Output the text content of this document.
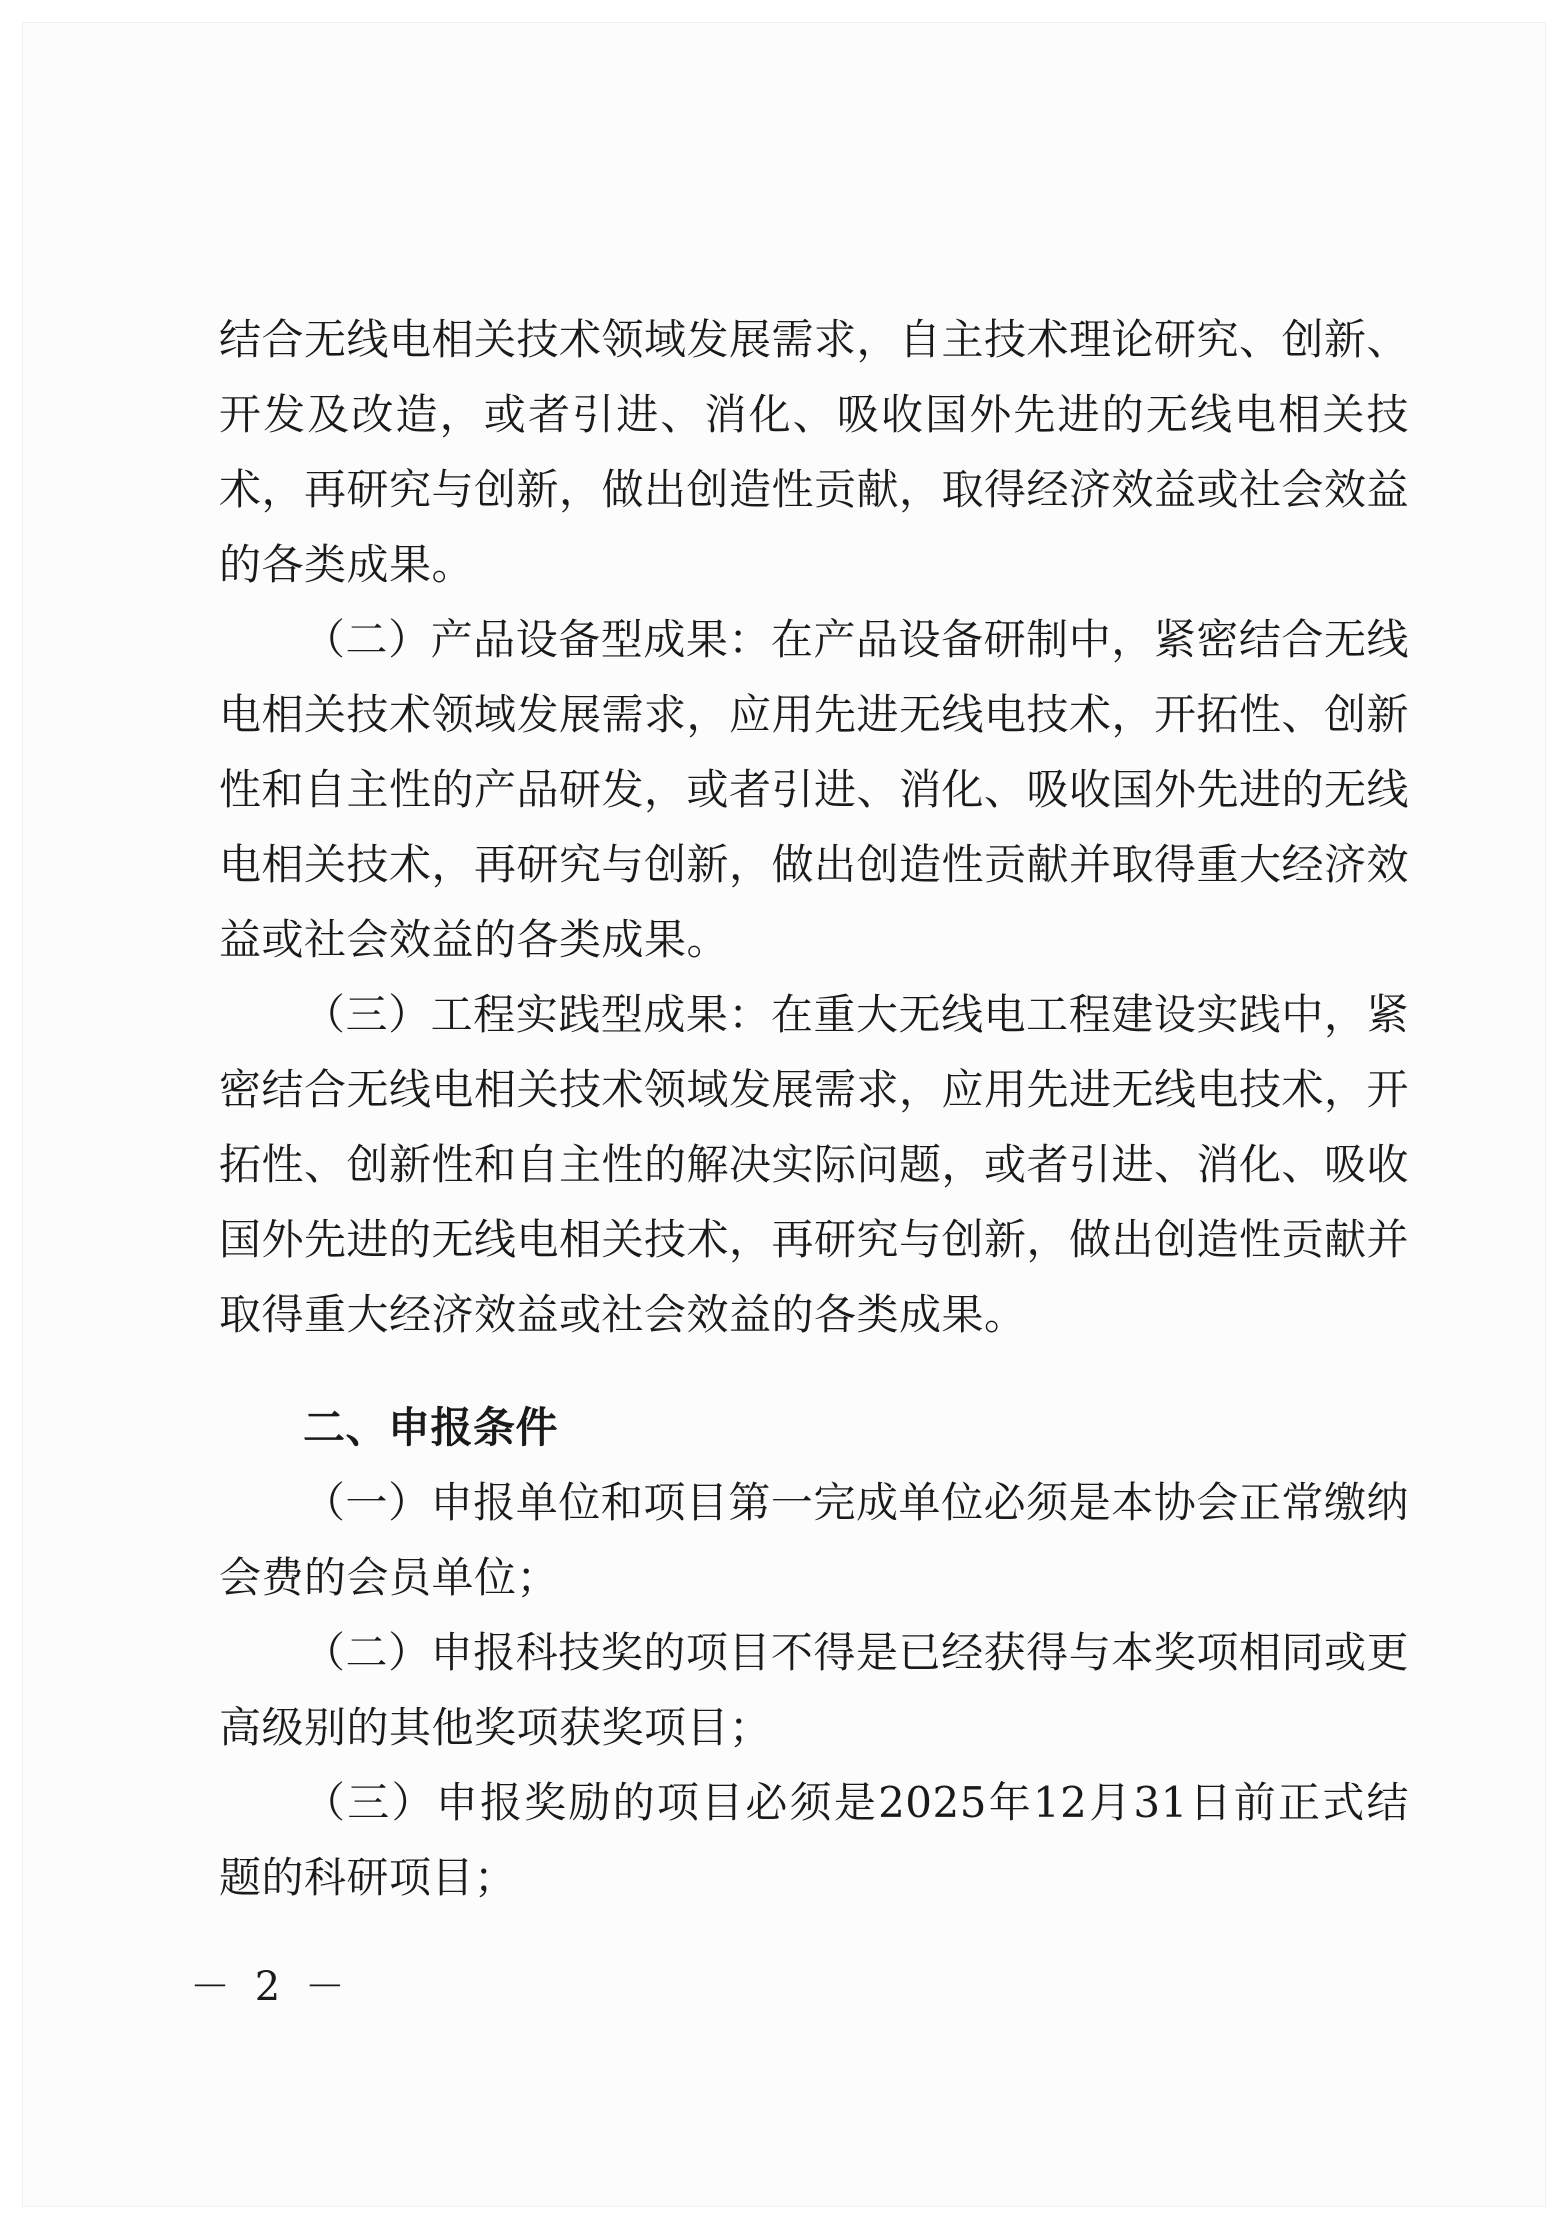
结合无线电相关技术领域发展需求，自主技术理论研究、创新、开发及改造，或者引进、消化、吸收国外先进的无线电相关技术，再研究与创新，做出创造性贡献，取得经济效益或社会效益的各类成果。

（二）产品设备型成果：在产品设备研制中，紧密结合无线电相关技术领域发展需求，应用先进无线电技术，开拓性、创新性和自主性的产品研发，或者引进、消化、吸收国外先进的无线电相关技术，再研究与创新，做出创造性贡献并取得重大经济效益或社会效益的各类成果。

（三）工程实践型成果：在重大无线电工程建设实践中，紧密结合无线电相关技术领域发展需求，应用先进无线电技术，开拓性、创新性和自主性的解决实际问题，或者引进、消化、吸收国外先进的无线电相关技术，再研究与创新，做出创造性贡献并取得重大经济效益或社会效益的各类成果。

二、申报条件

（一）申报单位和项目第一完成单位必须是本协会正常缴纳会费的会员单位；

（二）申报科技奖的项目不得是已经获得与本奖项相同或更高级别的其他奖项获奖项目；

（三）申报奖励的项目必须是2025年12月31日前正式结题的科研项目；

－ 2 －
